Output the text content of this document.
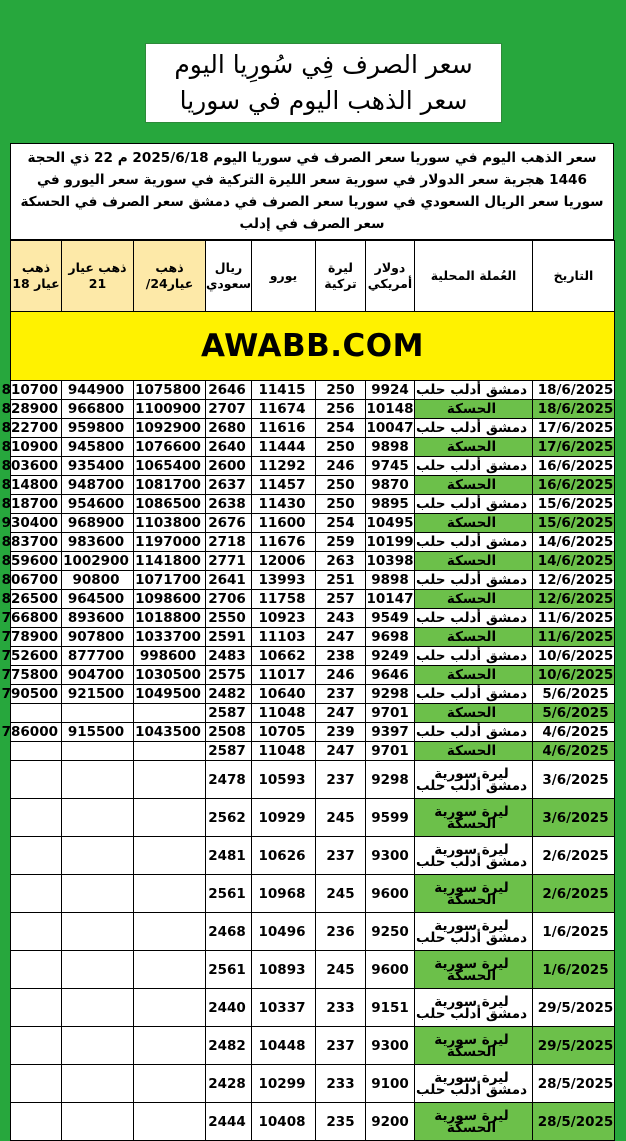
سعر الصرف فِي سُورِيا اليوم
سعر الذهب اليوم في سوريا
سعر الذهب اليوم في سوريا سعر الصرف في سوريا اليوم 2025/6/18 م 22 ذي الحجة 1446 هجرية سعر الدولار في سورية سعر الليرة التركية في سورية سعر اليورو في سوريا سعر الريال السعودي في سوريا سعر الصرف في دمشق سعر الصرف في الحسكة سعر الصرف في إدلب
التاريخ	العُملة المحلية	دولار أمريكي	ليرة تركية	يورو	ريال سعودي	ذهب عيار24/	ذهب عيار 21	ذهب عيار 18
AWABB.COM								
18/6/2025	دمشق أدلب حلب	9924	250	11415	2646	1075800	944900	810700
18/6/2025	الحسكة	10148	256	11674	2707	1100900	966800	828900
17/6/2025	دمشق أدلب حلب	10047	254	11616	2680	1092900	959800	822700
17/6/2025	الحسكة	9898	250	11444	2640	1076600	945800	810900
16/6/2025	دمشق أدلب حلب	9745	246	11292	2600	1065400	935400	803600
16/6/2025	الحسكة	9870	250	11457	2637	1081700	948700	814800
15/6/2025	دمشق أدلب حلب	9895	250	11430	2638	1086500	954600	818700
15/6/2025	الحسكة	10495	254	11600	2676	1103800	968900	930400
14/6/2025	دمشق أدلب حلب	10199	259	11676	2718	1197000	983600	883700
14/6/2025	الحسكة	10398	263	12006	2771	1141800	1002900	859600
12/6/2025	دمشق أدلب حلب	9898	251	13993	2641	1071700	90800	806700
12/6/2025	الحسكة	10147	257	11758	2706	1098600	964500	826500
11/6/2025	دمشق أدلب حلب	9549	243	10923	2550	1018800	893600	766800
11/6/2025	الحسكة	9698	247	11103	2591	1033700	907800	778900
10/6/2025	دمشق أدلب حلب	9249	238	10662	2483	998600	877700	752600
10/6/2025	الحسكة	9646	246	11017	2575	1030500	904700	775800
5/6/2025	دمشق أدلب حلب	9298	237	10640	2482	1049500	921500	790500
5/6/2025	الحسكة	9701	247	11048	2587			
4/6/2025	دمشق أدلب حلب	9397	239	10705	2508	1043500	915500	786000
4/6/2025	الحسكة	9701	247	11048	2587			
3/6/2025	ليرة سورية دمشق أدلب حلب	9298	237	10593	2478			
3/6/2025	ليرة سورية الحسكة	9599	245	10929	2562			
2/6/2025	ليرة سورية دمشق أدلب حلب	9300	237	10626	2481			
2/6/2025	ليرة سورية الحسكة	9600	245	10968	2561			
1/6/2025	ليرة سورية دمشق أدلب حلب	9250	236	10496	2468			
1/6/2025	ليرة سورية الحسكة	9600	245	10893	2561			
29/5/2025	ليرة سورية دمشق أدلب حلب	9151	233	10337	2440			
29/5/2025	ليرة سورية الحسكة	9300	237	10448	2482			
28/5/2025	ليرة سورية دمشق أدلب حلب	9100	233	10299	2428			
28/5/2025	ليرة سورية الحسكة	9200	235	10408	2444			
